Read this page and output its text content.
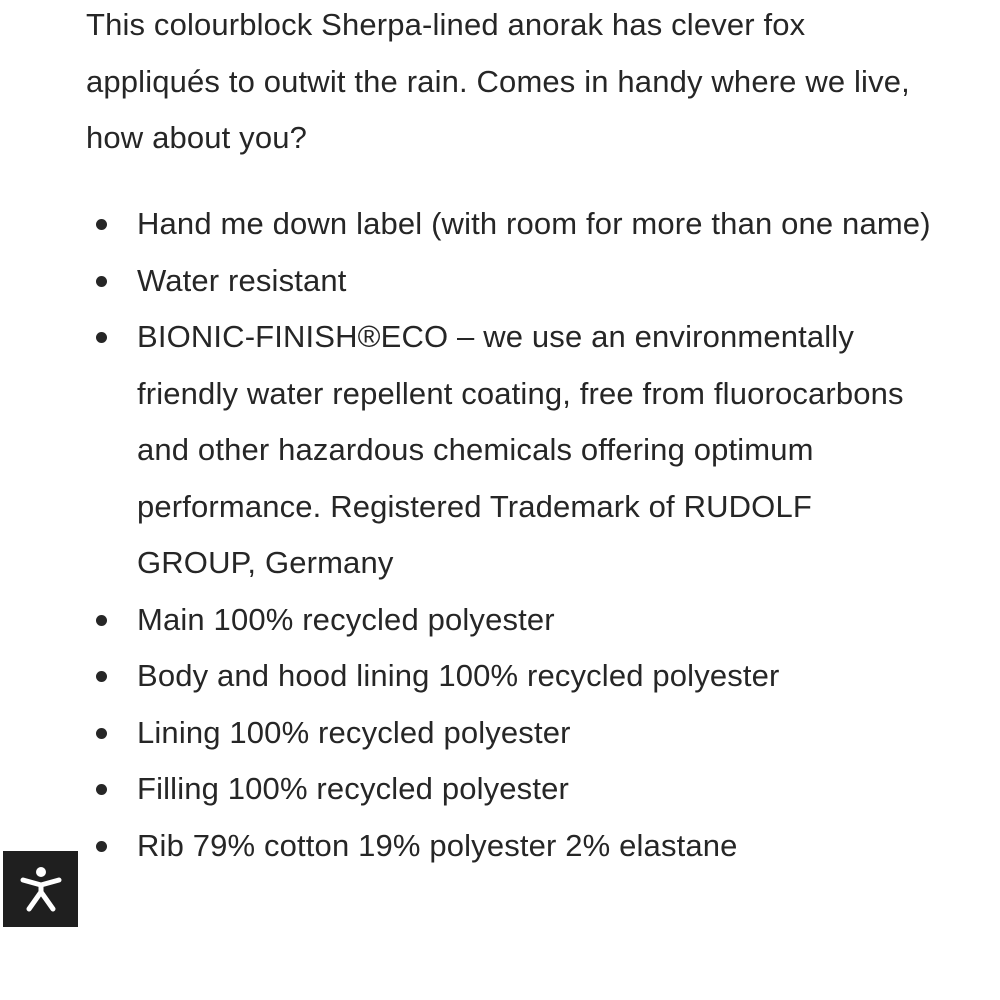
This colourblock Sherpa-lined anorak has clever fox appliqués to outwit the rain. Comes in handy where we live, how about you?

Hand me down label (with room for more than one name)
Water resistant
BIONIC-FINISH®ECO – we use an environmentally friendly water repellent coating, free from fluorocarbons and other hazardous chemicals offering optimum performance. Registered Trademark of RUDOLF GROUP, Germany
Main 100% recycled polyester
Body and hood lining 100% recycled polyester
Lining 100% recycled polyester
Filling 100% recycled polyester
Rib 79% cotton 19% polyester 2% elastane
